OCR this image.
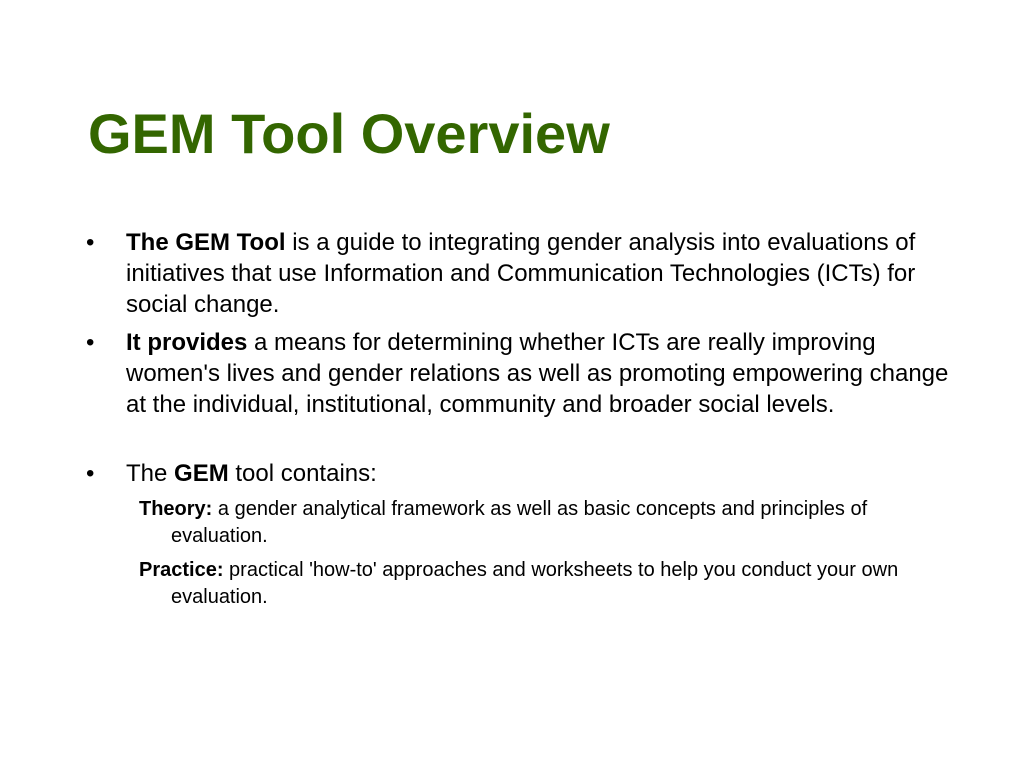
GEM Tool Overview
• The GEM Tool is a guide to integrating gender analysis into evaluations of initiatives that use Information and Communication Technologies (ICTs) for social change.
• It provides a means for determining whether ICTs are really improving women's lives and gender relations as well as promoting empowering change at the individual, institutional, community and broader social levels.
• The GEM tool contains:
Theory: a gender analytical framework as well as basic concepts and principles of evaluation.
Practice: practical 'how-to' approaches and worksheets to help you conduct your own evaluation.
